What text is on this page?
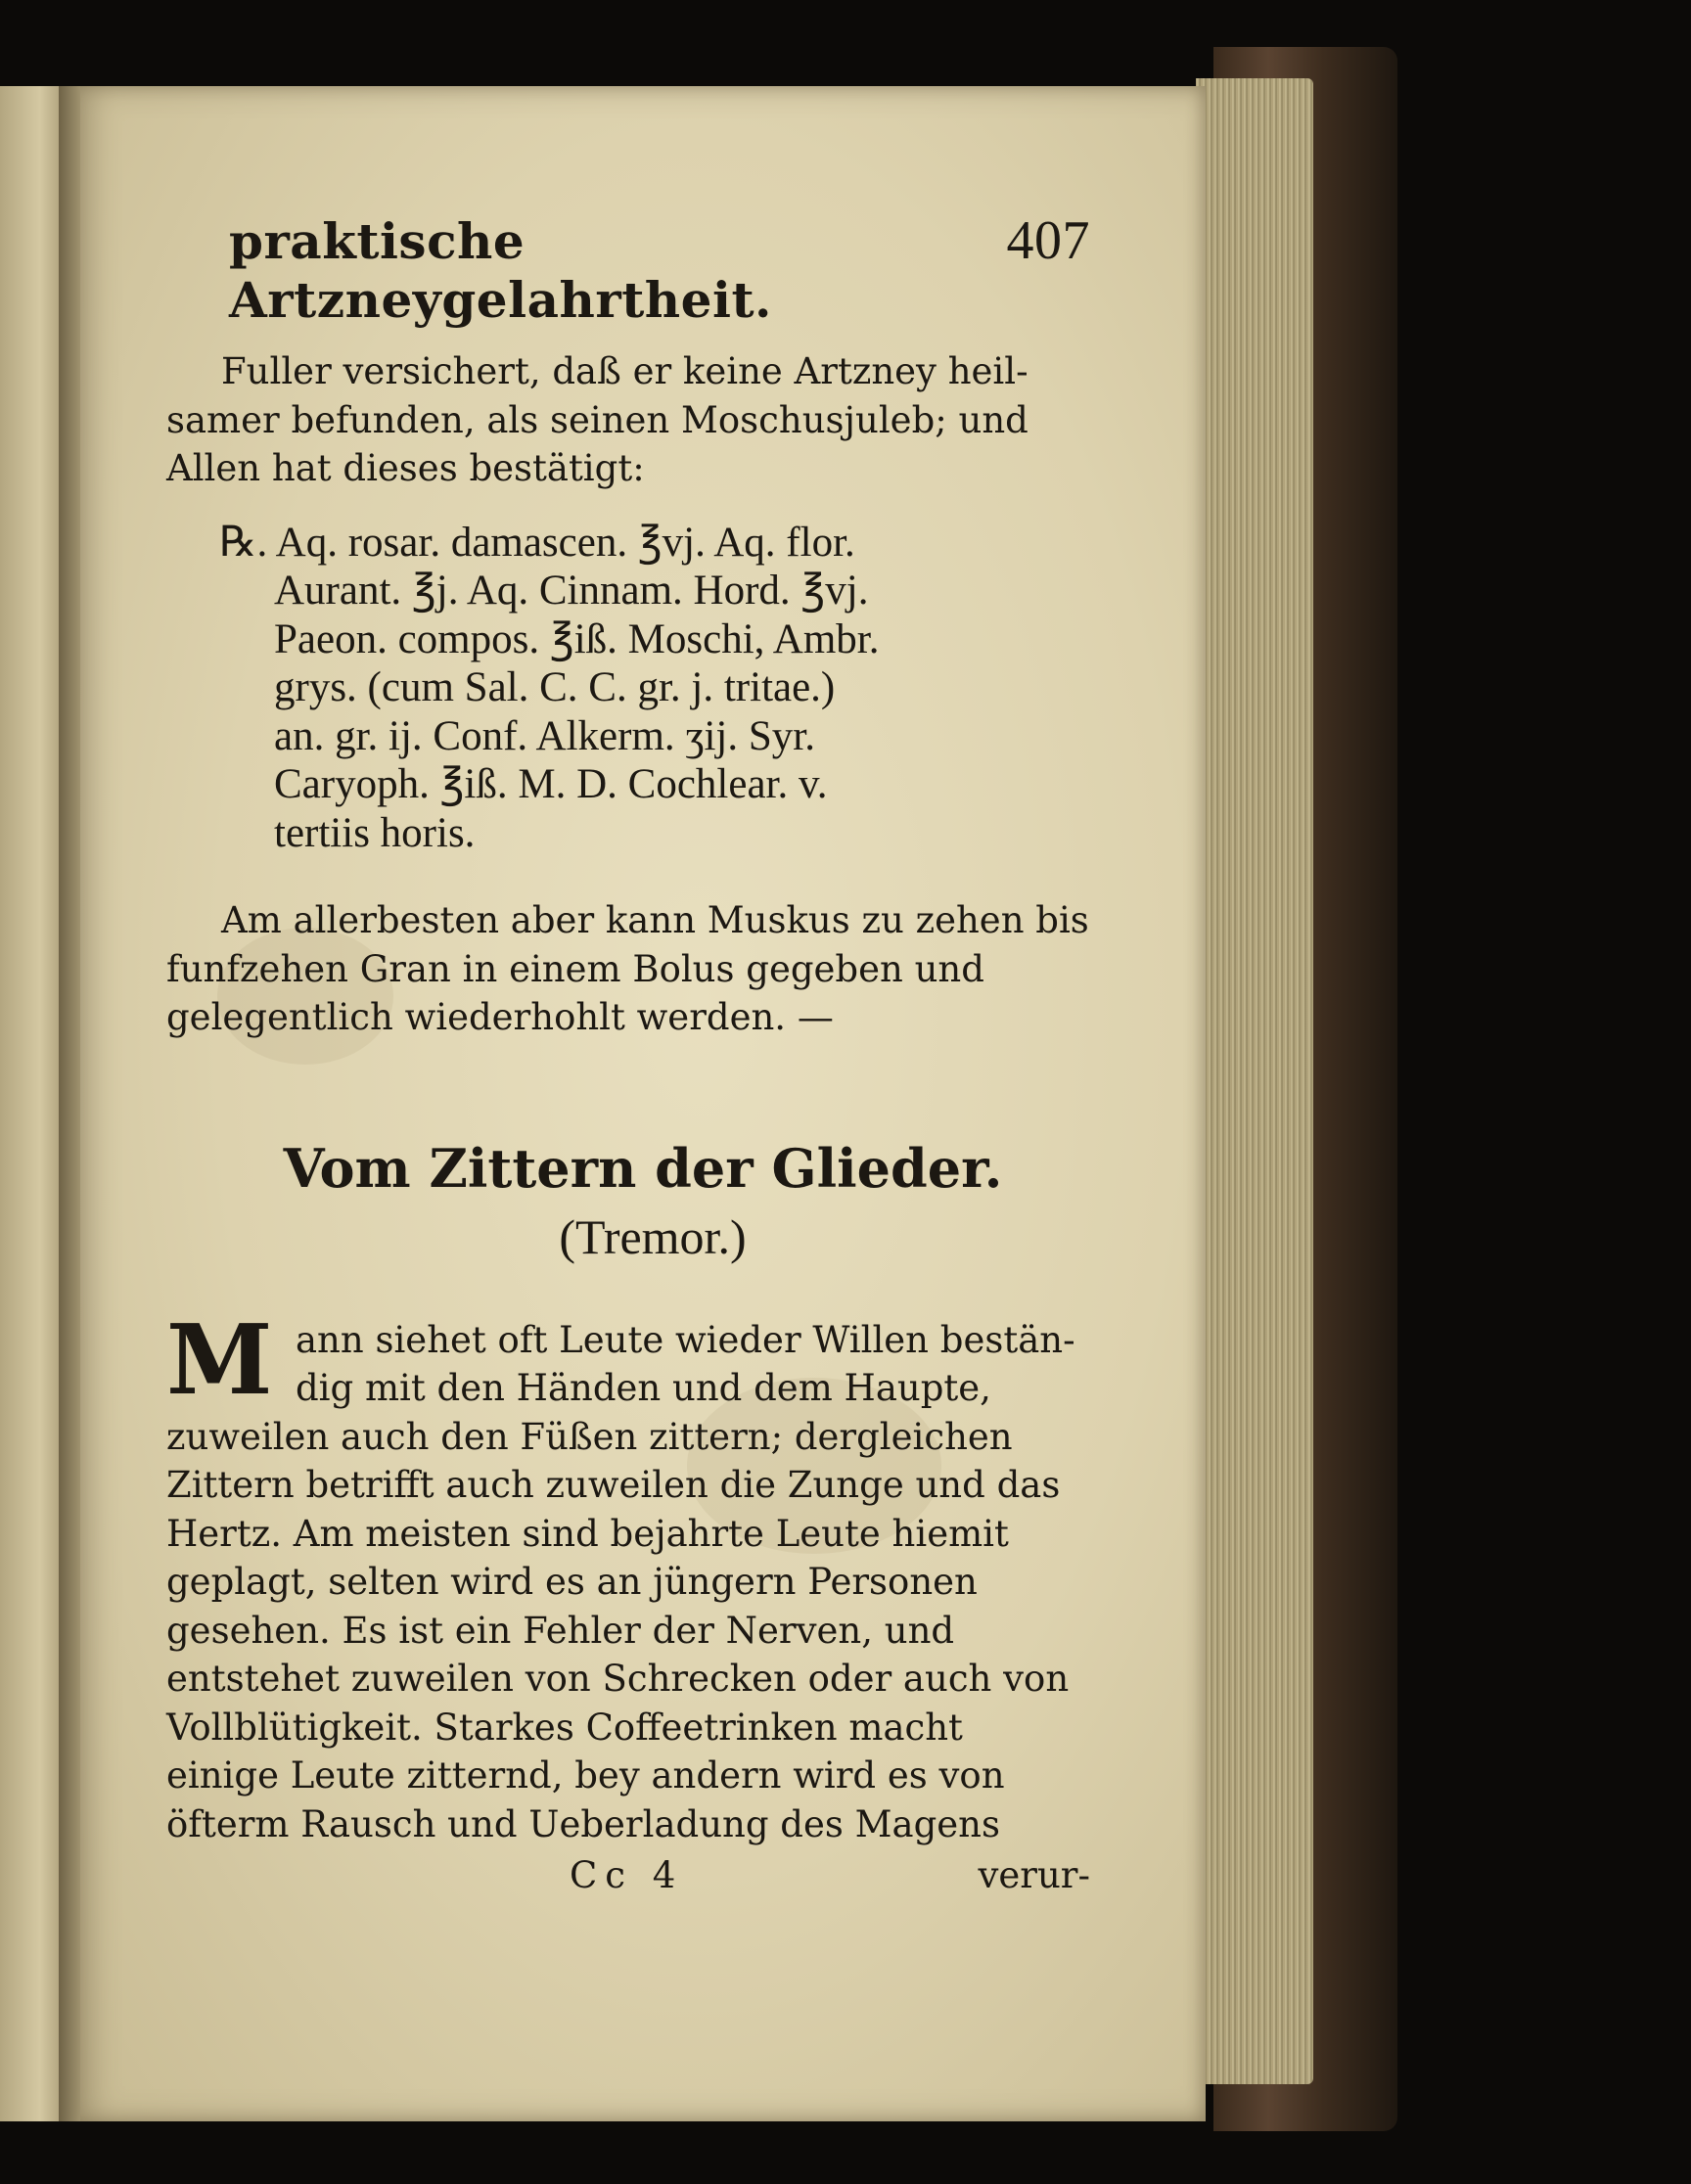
praktische Artzneygelahrtheit.
407
Fuller versichert, daß er keine Artzney heil-
samer befunden, als seinen Moschusjuleb; und
Allen hat dieses bestätigt:
℞. Aq. rosar. damascen. ℥vj. Aq. flor.
Aurant. ℥j. Aq. Cinnam. Hord. ℥vj.
Paeon. compos. ℥iß. Moschi, Ambr.
grys. (cum Sal. C. C. gr. j. tritae.)
an. gr. ij. Conf. Alkerm. ʒij. Syr.
Caryoph. ℥iß. M. D. Cochlear. v.
tertiis horis.
Am allerbesten aber kann Muskus zu zehen bis
funfzehen Gran in einem Bolus gegeben und
gelegentlich wiederhohlt werden. —
Vom Zittern der Glieder.
(Tremor.)
M ann siehet oft Leute wieder Willen bestän-
dig mit den Händen und dem Haupte,
zuweilen auch den Füßen zittern; dergleichen
Zittern betrifft auch zuweilen die Zunge und das
Hertz. Am meisten sind bejahrte Leute hiemit
geplagt, selten wird es an jüngern Personen
gesehen. Es ist ein Fehler der Nerven, und
entstehet zuweilen von Schrecken oder auch von
Vollblütigkeit. Starkes Coffeetrinken macht
einige Leute zitternd, bey andern wird es von
öfterm Rausch und Ueberladung des Magens
Cc 4	verur-
